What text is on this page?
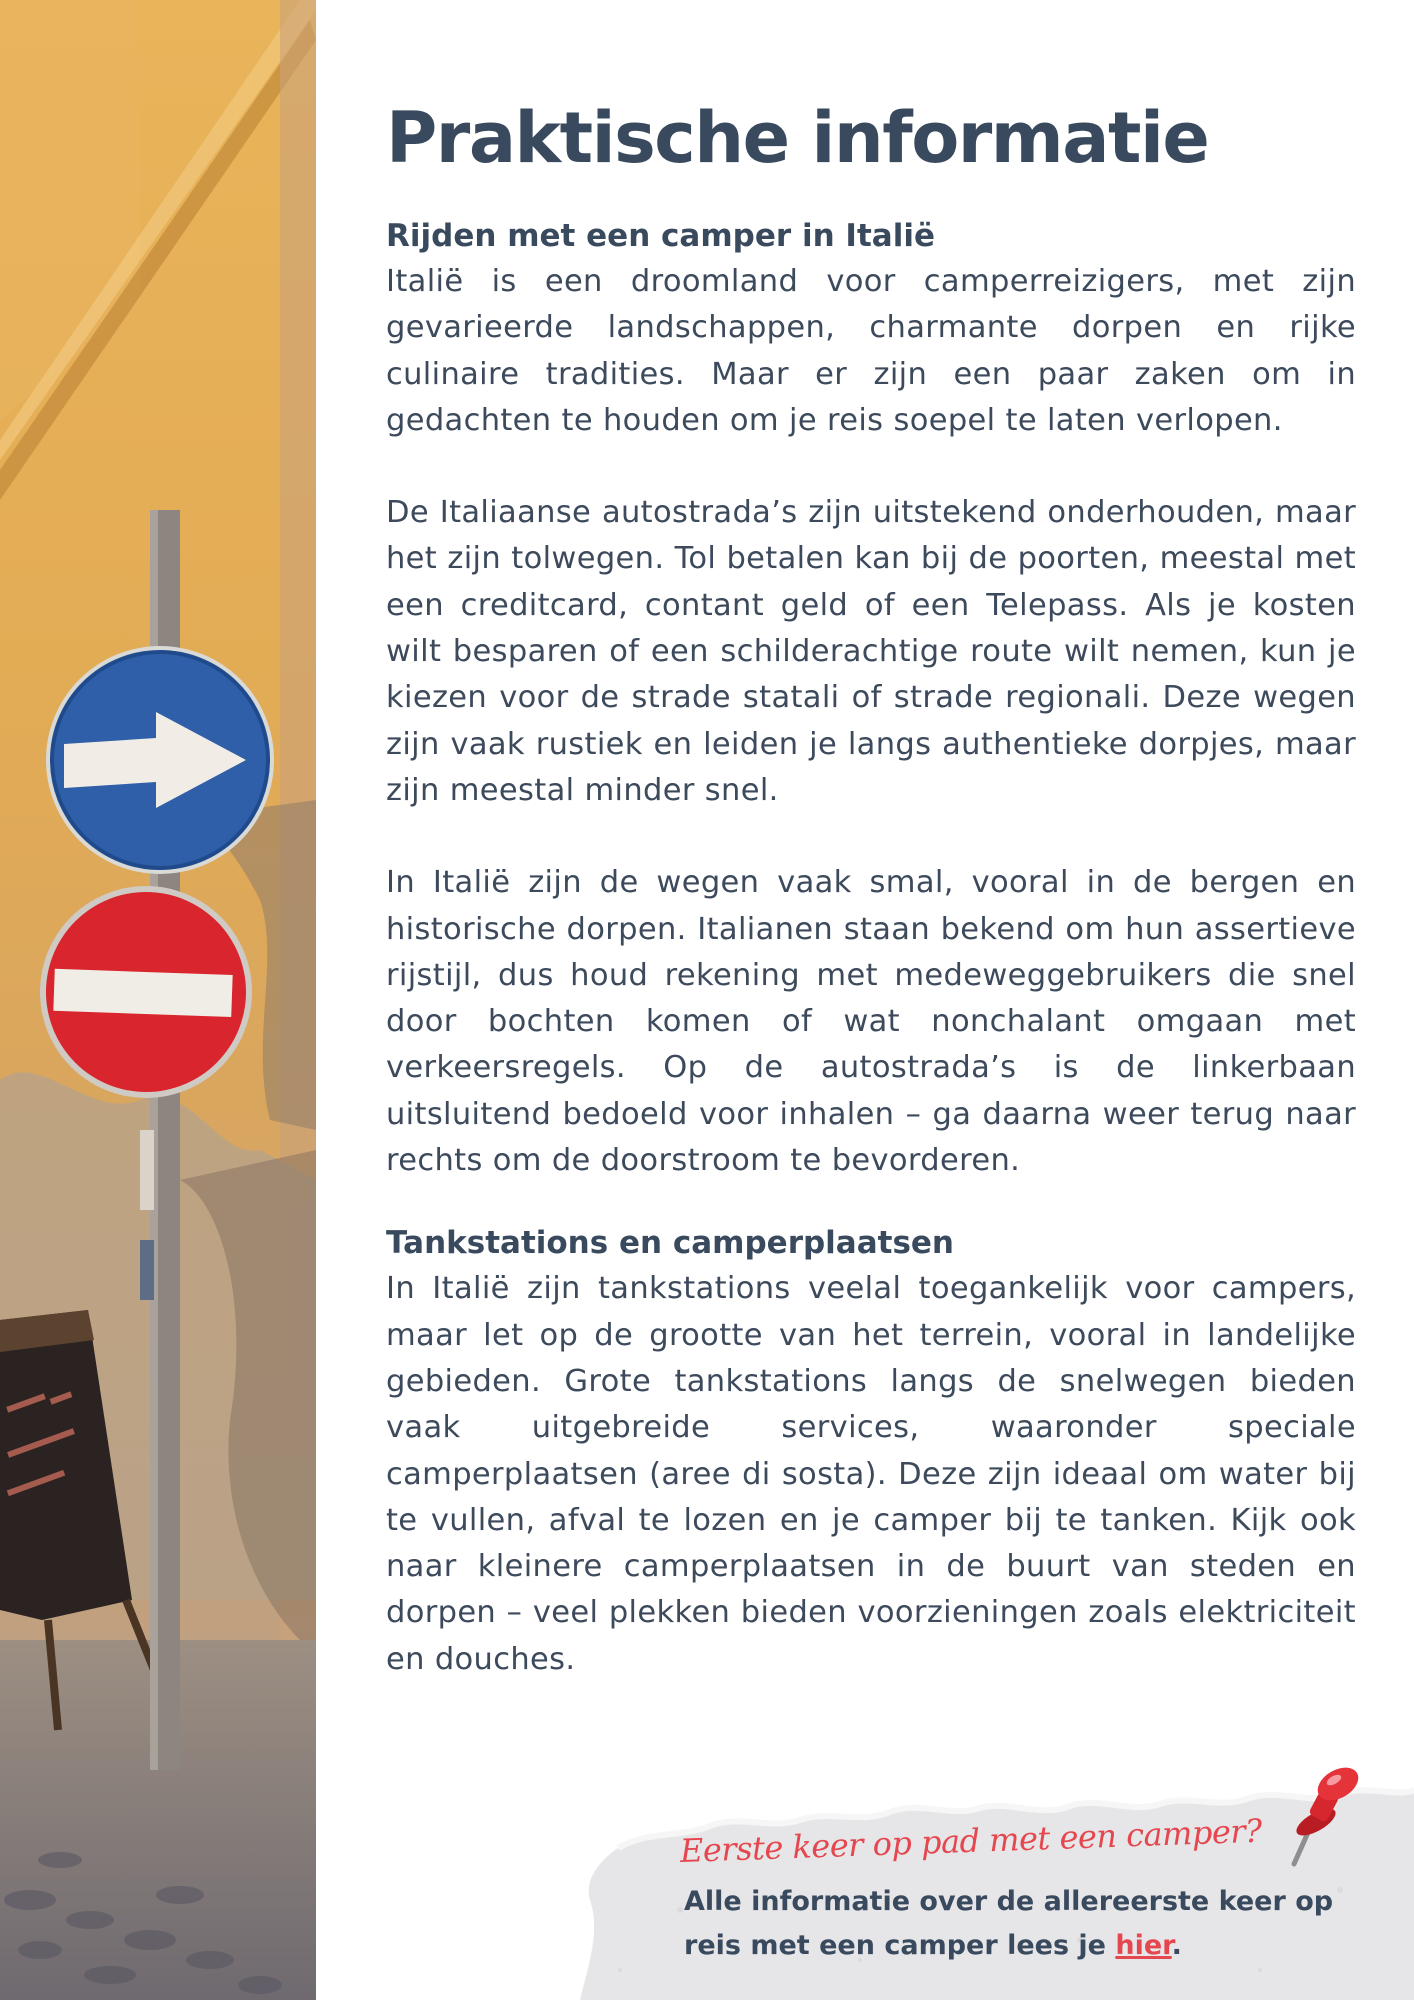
Praktische informatie
Rijden met een camper in Italië

Italië is een droomland voor camperreizigers, met zijn gevarieerde landschappen, charmante dorpen en rijke culinaire tradities. Maar er zijn een paar zaken om in gedachten te houden om je reis soepel te laten verlopen.

De Italiaanse autostrada’s zijn uitstekend onderhouden, maar het zijn tolwegen. Tol betalen kan bij de poorten, meestal met een creditcard, contant geld of een Telepass. Als je kosten wilt besparen of een schilderachtige route wilt nemen, kun je kiezen voor de strade statali of strade regionali. Deze wegen zijn vaak rustiek en leiden je langs authentieke dorpjes, maar zijn meestal minder snel.

In Italië zijn de wegen vaak smal, vooral in de bergen en historische dorpen. Italianen staan bekend om hun assertieve rijstijl, dus houd rekening met medeweggebruikers die snel door bochten komen of wat nonchalant omgaan met verkeersregels. Op de autostrada’s is de linkerbaan uitsluitend bedoeld voor inhalen – ga daarna weer terug naar rechts om de doorstroom te bevorderen.

Tankstations en camperplaatsen

In Italië zijn tankstations veelal toegankelijk voor campers, maar let op de grootte van het terrein, vooral in landelijke gebieden. Grote tankstations langs de snelwegen bieden vaak uitgebreide services, waaronder speciale camperplaatsen (aree di sosta). Deze zijn ideaal om water bij te vullen, afval te lozen en je camper bij te tanken. Kijk ook naar kleinere camperplaatsen in de buurt van steden en dorpen – veel plekken bieden voorzieningen zoals elektriciteit en douches.

Eerste keer op pad met een camper?
Alle informatie over de allereerste keer op reis met een camper lees je hier.
